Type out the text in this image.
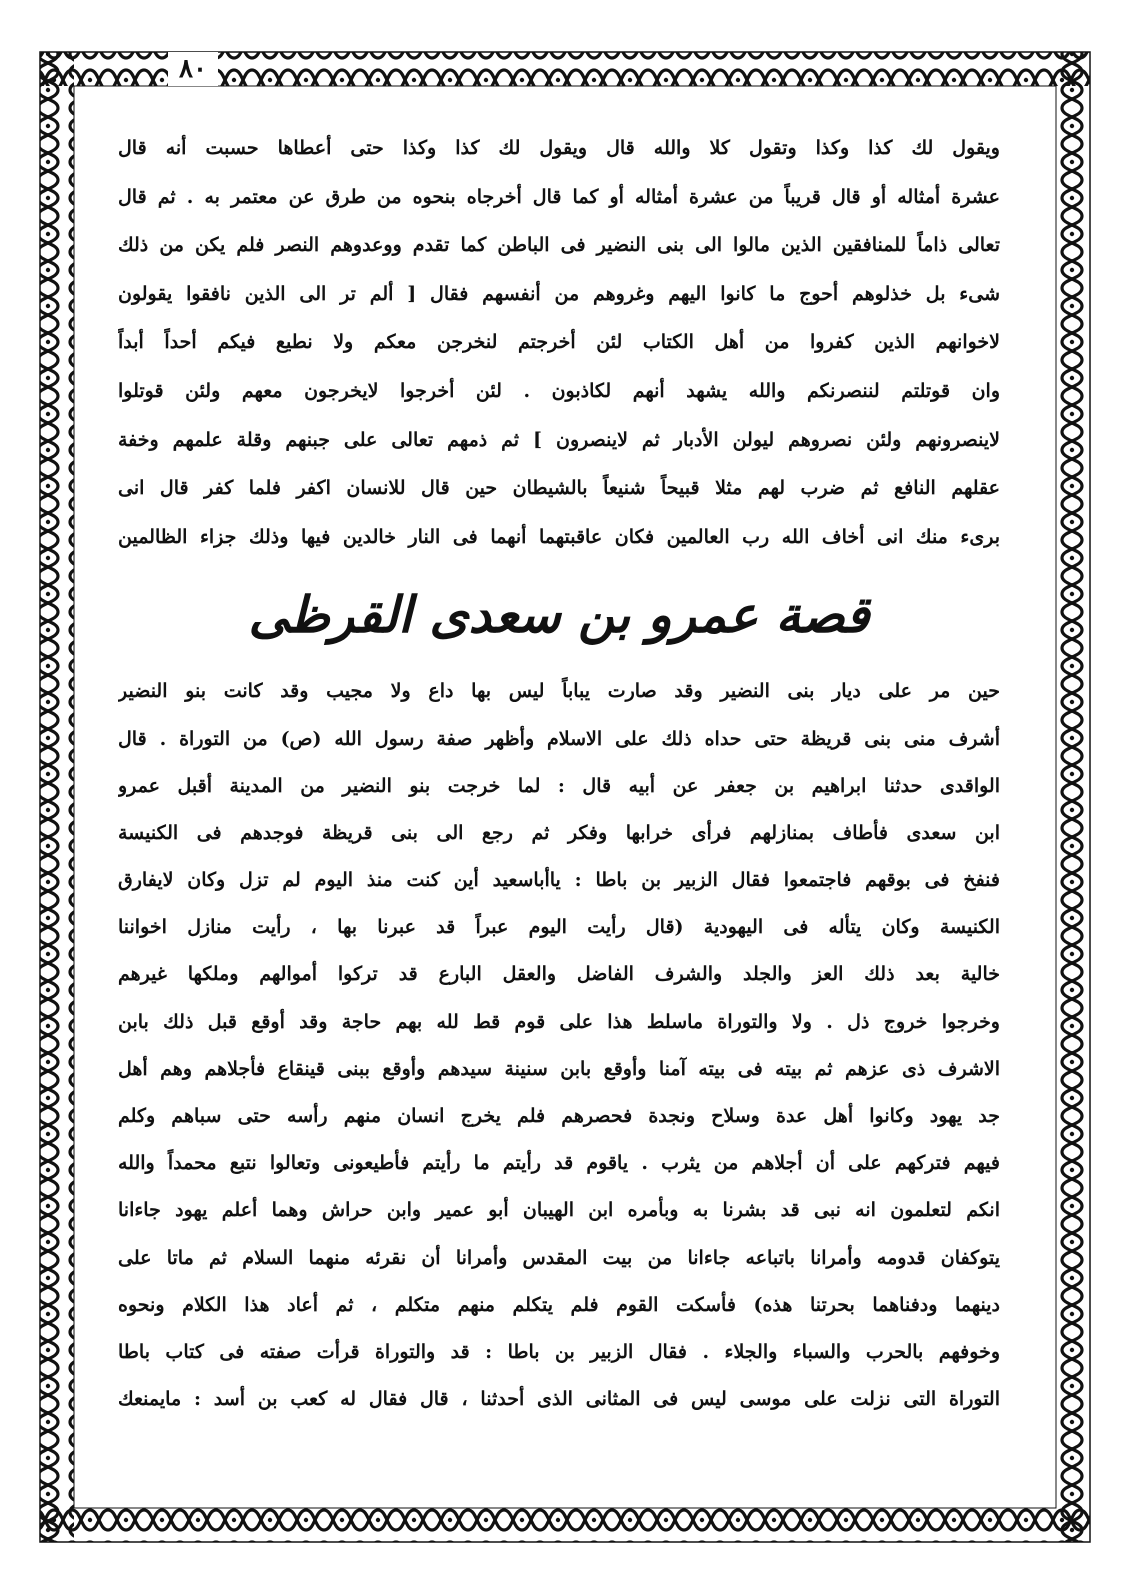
٨٠
ويقول لك كذا وكذا وتقول كلا والله قال ويقول لك كذا وكذا حتى أعطاها حسبت أنه قال
عشرة أمثاله أو قال قريباً من عشرة أمثاله أو كما قال أخرجاه بنحوه من طرق عن معتمر به . ثم قال
تعالى ذاماً للمنافقين الذين مالوا الى بنى النضير فى الباطن كما تقدم ووعدوهم النصر فلم يكن من ذلك
شىء بل خذلوهم أحوج ما كانوا اليهم وغروهم من أنفسهم فقال [ ألم تر الى الذين نافقوا يقولون
لاخوانهم الذين كفروا من أهل الكتاب لئن أخرجتم لنخرجن معكم ولا نطيع فيكم أحداً أبداً
وان قوتلتم لننصرنكم والله يشهد أنهم لكاذبون . لئن أخرجوا لايخرجون معهم ولئن قوتلوا
لاينصرونهم ولئن نصروهم ليولن الأدبار ثم لاينصرون ] ثم ذمهم تعالى على جبنهم وقلة علمهم وخفة
عقلهم النافع ثم ضرب لهم مثلا قبيحاً شنيعاً بالشيطان حين قال للانسان اكفر فلما كفر قال انى
برىء منك انى أخاف الله رب العالمين فكان عاقبتهما أنهما فى النار خالدين فيها وذلك جزاء الظالمين
قصة عمرو بن سعدى القرظى
حين مر على ديار بنى النضير وقد صارت يباباً ليس بها داع ولا مجيب وقد كانت بنو النضير
أشرف منى بنى قريظة حتى حداه ذلك على الاسلام وأظهر صفة رسول الله (ص) من التوراة . قال
الواقدى حدثنا ابراهيم بن جعفر عن أبيه قال : لما خرجت بنو النضير من المدينة أقبل عمرو
ابن سعدى فأطاف بمنازلهم فرأى خرابها وفكر ثم رجع الى بنى قريظة فوجدهم فى الكنيسة
فنفخ فى بوقهم فاجتمعوا فقال الزبير بن باطا : ياأباسعيد أين كنت منذ اليوم لم تزل وكان لايفارق
الكنيسة وكان يتأله فى اليهودية (قال رأيت اليوم عبراً قد عبرنا بها ، رأيت منازل اخواننا
خالية بعد ذلك العز والجلد والشرف الفاضل والعقل البارع قد تركوا أموالهم وملكها غيرهم
وخرجوا خروج ذل . ولا والتوراة ماسلط هذا على قوم قط لله بهم حاجة وقد أوقع قبل ذلك بابن
الاشرف ذى عزهم ثم بيته فى بيته آمنا وأوقع بابن سنينة سيدهم وأوقع ببنى قينقاع فأجلاهم وهم أهل
جد يهود وكانوا أهل عدة وسلاح ونجدة فحصرهم فلم يخرج انسان منهم رأسه حتى سباهم وكلم
فيهم فتركهم على أن أجلاهم من يثرب . ياقوم قد رأيتم ما رأيتم فأطيعونى وتعالوا نتبع محمداً والله
انكم لتعلمون انه نبى قد بشرنا به وبأمره ابن الهيبان أبو عمير وابن حراش وهما أعلم يهود جاءانا
يتوكفان قدومه وأمرانا باتباعه جاءانا من بيت المقدس وأمرانا أن نقرئه منهما السلام ثم ماتا على
دينهما ودفناهما بحرتنا هذه) فأسكت القوم فلم يتكلم منهم متكلم ، ثم أعاد هذا الكلام ونحوه
وخوفهم بالحرب والسباء والجلاء . فقال الزبير بن باطا : قد والتوراة قرأت صفته فى كتاب باطا
التوراة التى نزلت على موسى ليس فى المثانى الذى أحدثنا ، قال فقال له كعب بن أسد : مايمنعك
